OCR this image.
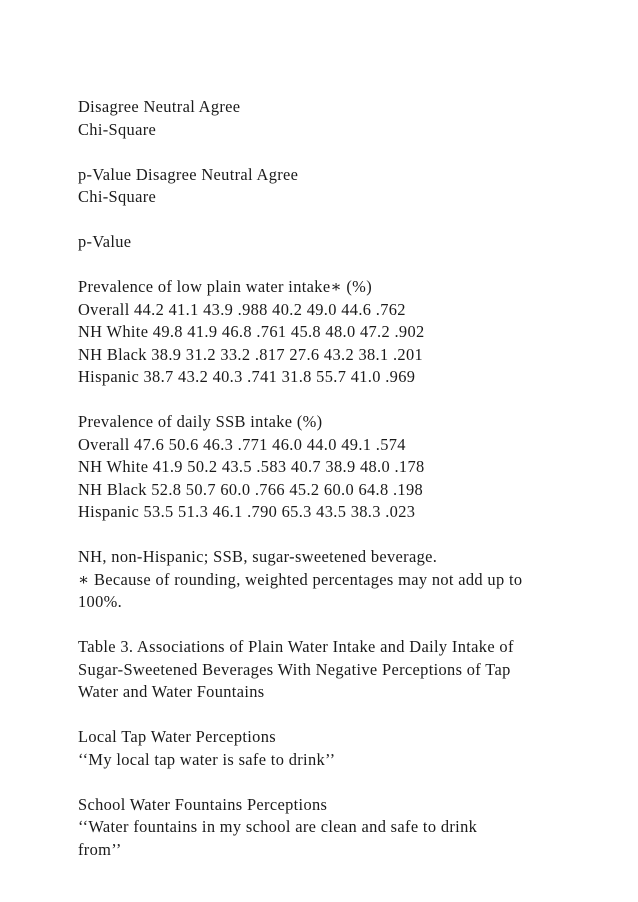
Disagree Neutral Agree
Chi-Square
p-Value Disagree Neutral Agree
Chi-Square
p-Value
Prevalence of low plain water intake∗ (%)
Overall 44.2 41.1 43.9 .988 40.2 49.0 44.6 .762
NH White 49.8 41.9 46.8 .761 45.8 48.0 47.2 .902
NH Black 38.9 31.2 33.2 .817 27.6 43.2 38.1 .201
Hispanic 38.7 43.2 40.3 .741 31.8 55.7 41.0 .969
Prevalence of daily SSB intake (%)
Overall 47.6 50.6 46.3 .771 46.0 44.0 49.1 .574
NH White 41.9 50.2 43.5 .583 40.7 38.9 48.0 .178
NH Black 52.8 50.7 60.0 .766 45.2 60.0 64.8 .198
Hispanic 53.5 51.3 46.1 .790 65.3 43.5 38.3 .023
NH, non-Hispanic; SSB, sugar-sweetened beverage.
∗ Because of rounding, weighted percentages may not add up to
100%.
Table 3. Associations of Plain Water Intake and Daily Intake of
Sugar-Sweetened Beverages With Negative Perceptions of Tap
Water and Water Fountains
Local Tap Water Perceptions
‘‘My local tap water is safe to drink’’
School Water Fountains Perceptions
‘‘Water fountains in my school are clean and safe to drink
from’’
